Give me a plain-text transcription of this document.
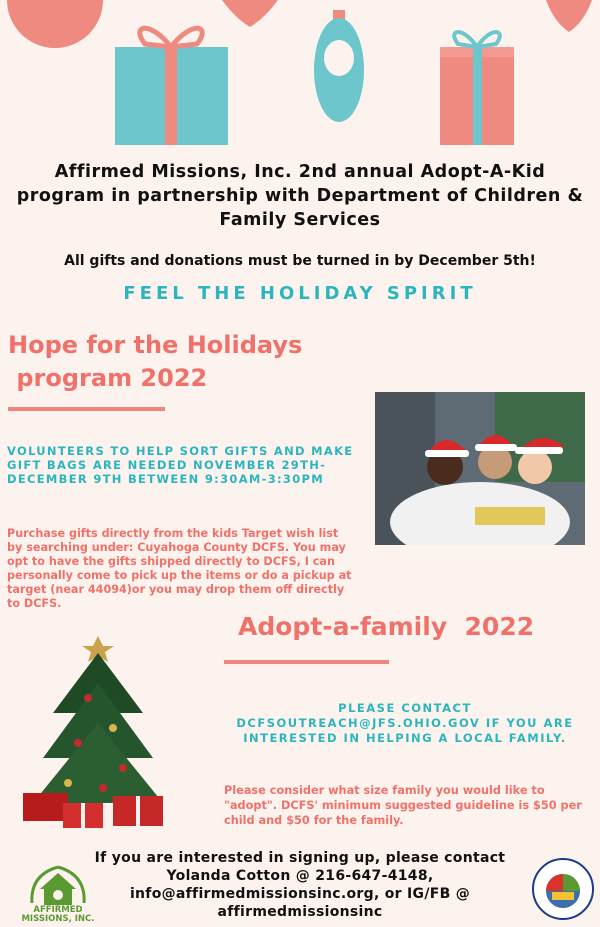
Affirmed Missions, Inc. 2nd annual Adopt-A-Kid program in partnership with Department of Children & Family Services
All gifts and donations must be turned in by December 5th!
FEEL THE HOLIDAY SPIRIT
Hope for the Holidays
program 2022
VOLUNTEERS TO HELP SORT GIFTS AND MAKE GIFT BAGS ARE NEEDED NOVEMBER 29TH- DECEMBER 9TH BETWEEN 9:30AM-3:30PM
Purchase gifts directly from the kids Target wish list by searching under: Cuyahoga County DCFS. You may opt to have the gifts shipped directly to DCFS, I can personally come to pick up the items or do a pickup at target (near 44094)or you may drop them off directly to DCFS.
Adopt-a-family  2022
PLEASE CONTACT DCFSOUTREACH@JFS.OHIO.GOV IF YOU ARE INTERESTED IN HELPING A LOCAL FAMILY.
Please consider what size family you would like to "adopt". DCFS' minimum suggested guideline is $50 per child and $50 for the family.
If you are interested in signing up, please contact
Yolanda Cotton @ 216-647-4148,
info@affirmedmissionsinc.org, or IG/FB @
affirmedmissionsinc
AFFIRMED
MISSIONS, INC.
